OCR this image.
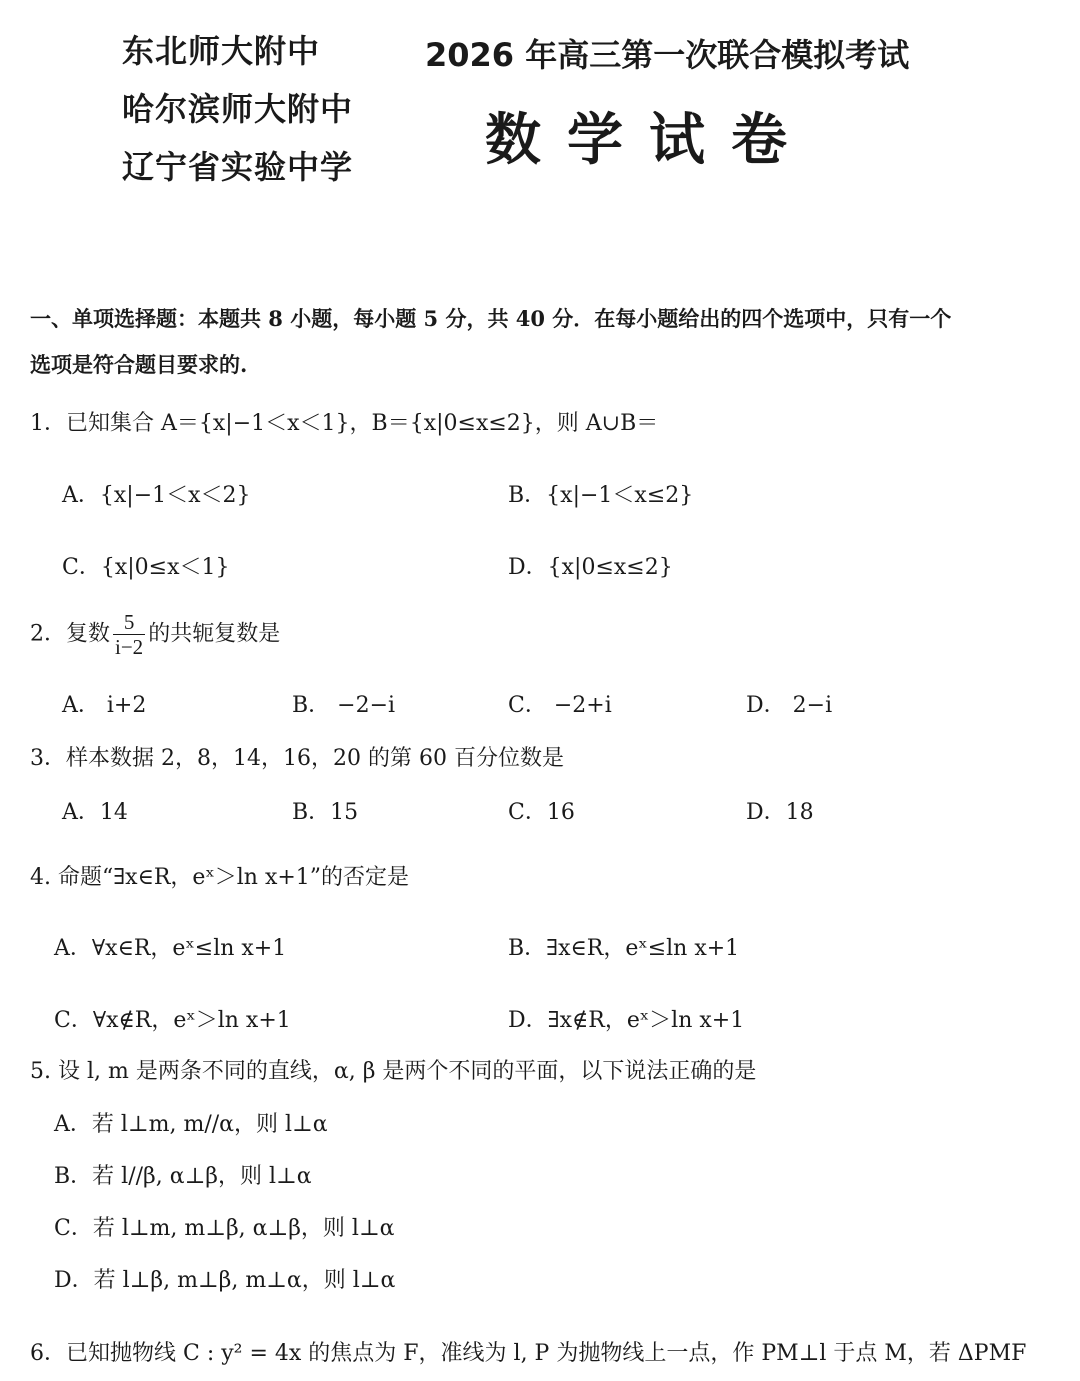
东北师大附中
哈尔滨师大附中
辽宁省实验中学
2026 年高三第一次联合模拟考试
数学试卷
一、单项选择题：本题共 8 小题，每小题 5 分，共 40 分．在每小题给出的四个选项中，只有一个
选项是符合题目要求的.
1．已知集合 A＝{x|−1＜x＜1}，B＝{x|0≤x≤2}，则 A∪B＝
A．{x|−1＜x＜2}	B．{x|−1＜x≤2}
C．{x|0≤x＜1}	D．{x|0≤x≤2}
2．复数 $\frac{5}{i-2}$ 的共轭复数是
A． i+2	B． −2−i	C． −2+i	D． 2−i
3．样本数据 2，8，14，16，20 的第 60 百分位数是
A．14	B．15	C．16	D．18
4. 命题“∃x∈R，eˣ＞ln x+1”的否定是
A．∀x∈R，eˣ≤ln x+1	B．∃x∈R，eˣ≤ln x+1
C．∀x∉R，eˣ＞ln x+1	D．∃x∉R，eˣ＞ln x+1
5. 设 l, m 是两条不同的直线，α, β 是两个不同的平面，以下说法正确的是
A．若 l⊥m, m//α，则 l⊥α
B．若 l//β, α⊥β，则 l⊥α
C．若 l⊥m, m⊥β, α⊥β，则 l⊥α
D．若 l⊥β, m⊥β, m⊥α，则 l⊥α
6．已知抛物线 C : y² = 4x 的焦点为 F，准线为 l, P 为抛物线上一点，作 PM⊥l 于点 M，若 ΔPMF
